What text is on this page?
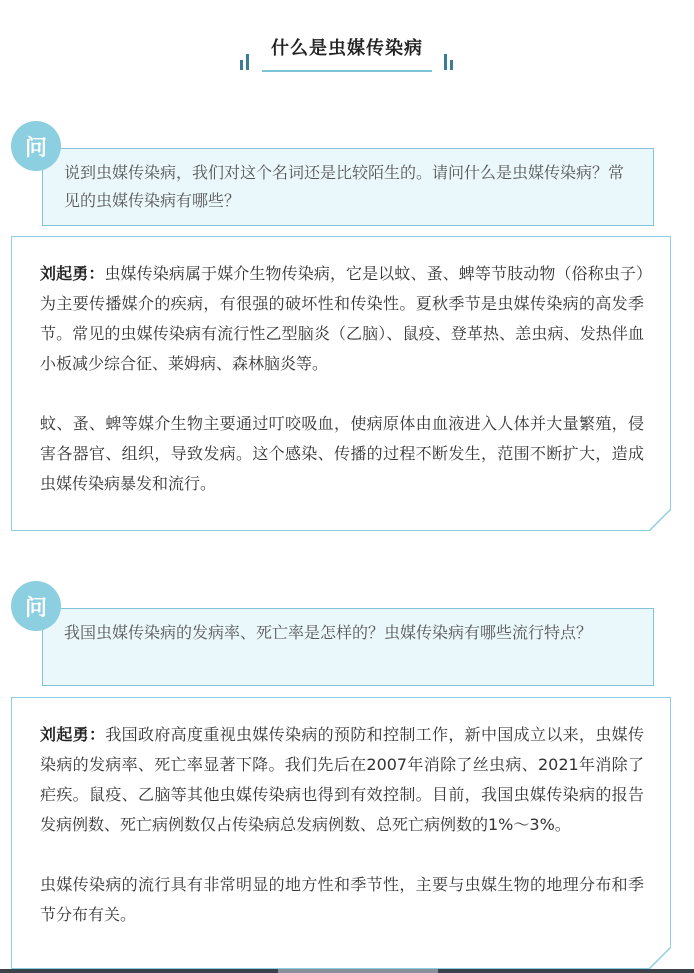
什么是虫媒传染病
问
说到虫媒传染病，我们对这个名词还是比较陌生的。请问什么是虫媒传染病？常见的虫媒传染病有哪些？

刘起勇：虫媒传染病属于媒介生物传染病，它是以蚊、蚤、蜱等节肢动物（俗称虫子）为主要传播媒介的疾病，有很强的破坏性和传染性。夏秋季节是虫媒传染病的高发季节。常见的虫媒传染病有流行性乙型脑炎（乙脑）、鼠疫、登革热、恙虫病、发热伴血小板减少综合征、莱姆病、森林脑炎等。

蚊、蚤、蜱等媒介生物主要通过叮咬吸血，使病原体由血液进入人体并大量繁殖，侵害各器官、组织，导致发病。这个感染、传播的过程不断发生，范围不断扩大，造成虫媒传染病暴发和流行。

问
我国虫媒传染病的发病率、死亡率是怎样的？虫媒传染病有哪些流行特点？

刘起勇：我国政府高度重视虫媒传染病的预防和控制工作，新中国成立以来，虫媒传染病的发病率、死亡率显著下降。我们先后在2007年消除了丝虫病、2021年消除了疟疾。鼠疫、乙脑等其他虫媒传染病也得到有效控制。目前，我国虫媒传染病的报告发病例数、死亡病例数仅占传染病总发病例数、总死亡病例数的1%～3%。

虫媒传染病的流行具有非常明显的地方性和季节性，主要与虫媒生物的地理分布和季节分布有关。
